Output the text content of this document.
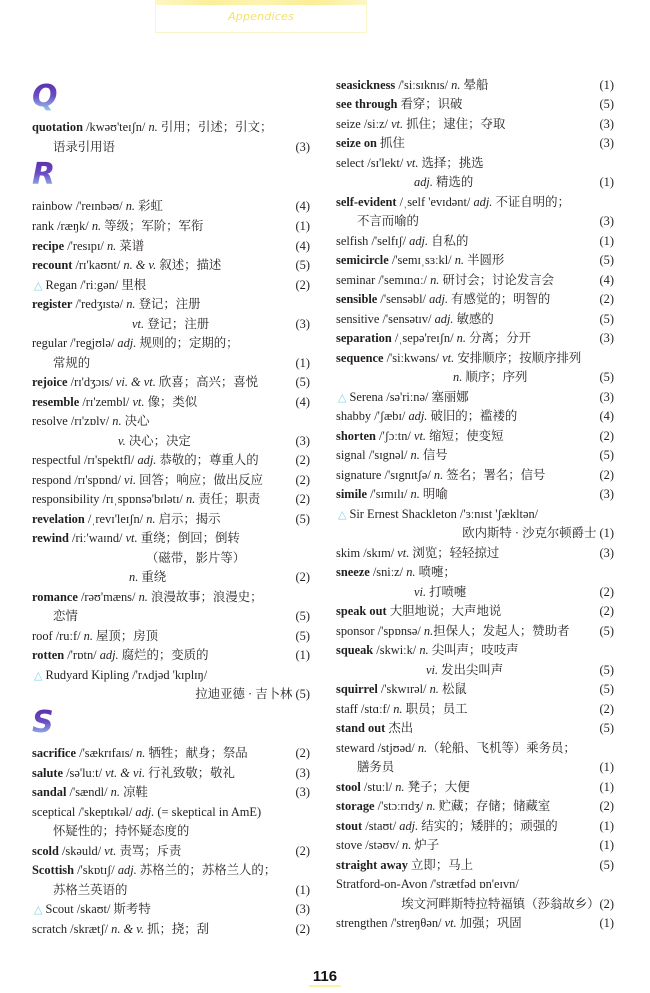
Appendices
Q
R
S
quotation /kwəʊ'teɪʃn/ n. 引用；引述；引文；
语录引用语	(3)
rainbow /'reɪnbəʊ/ n. 彩虹	(4)
rank /ræŋk/ n. 等级；军阶；军衔	(1)
recipe /'resɪpɪ/ n. 菜谱	(4)
recount /rɪ'kaʊnt/ n. & v. 叙述；描述	(5)
△ Regan /'riːgən/ 里根	(2)
register /'redʒɪstə/ n. 登记；注册
vt. 登记；注册	(3)
regular /'regjʊlə/ adj. 规则的；定期的；
常规的	(1)
rejoice /rɪ'dʒɔɪs/ vi. & vt. 欣喜；高兴；喜悦	(5)
resemble /rɪ'zembl/ vt. 像；类似	(4)
resolve /rɪ'zɒlv/ n. 决心
v. 决心；决定	(3)
respectful /rɪ'spektfl/ adj. 恭敬的；尊重人的	(2)
respond /rɪ'spɒnd/ vi. 回答；响应；做出反应	(2)
responsibility /rɪˌspɒnsə'bɪlətɪ/ n. 责任；职责	(2)
revelation /ˌrevɪ'leɪʃn/ n. 启示；揭示	(5)
rewind /riː'waɪnd/ vt. 重绕；倒回；倒转
（磁带，影片等）
n. 重绕	(2)
romance /rəʊ'mæns/ n. 浪漫故事；浪漫史；
恋情	(5)
roof /ruːf/ n. 屋顶；房顶	(5)
rotten /'rɒtn/ adj. 腐烂的；变质的	(1)
△ Rudyard Kipling /'rʌdjəd 'kɪplɪŋ/
拉迪亚德 · 吉卜林 (5)
sacrifice /'sækrɪfaɪs/ n. 牺牲；献身；祭品	(2)
salute /sə'luːt/ vt. & vi. 行礼致敬；敬礼	(3)
sandal /'sændl/ n. 凉鞋	(3)
sceptical /'skeptɪkəl/ adj. (= skeptical in AmE)
怀疑性的；持怀疑态度的
scold /skəuld/ vt. 责骂；斥责	(2)
Scottish /'skɒtɪʃ/ adj. 苏格兰的；苏格兰人的；
苏格兰英语的	(1)
△ Scout /skaʊt/ 斯考特	(3)
scratch /skrætʃ/ n. & v. 抓；挠；刮	(2)
seasickness /'siːsɪknɪs/ n. 晕船	(1)
see through 看穿；识破	(5)
seize /siːz/ vt. 抓住；逮住；夺取	(3)
seize on 抓住	(3)
select /sɪ'lekt/ vt. 选择；挑选
adj. 精选的	(1)
self-evident /ˌself 'evɪdənt/ adj. 不证自明的；
不言而喻的	(3)
selfish /'selfɪʃ/ adj. 自私的	(1)
semicircle /'semɪˌsɜːkl/ n. 半圆形	(5)
seminar /'semɪnɑː/ n. 研讨会；讨论发言会	(4)
sensible /'sensəbl/ adj. 有感觉的；明智的	(2)
sensitive /'sensətɪv/ adj. 敏感的	(5)
separation /ˌsepə'reɪʃn/ n. 分离；分开	(3)
sequence /'siːkwəns/ vt. 安排顺序；按顺序排列
n. 顺序；序列	(5)
△ Serena /sə'riːnə/ 塞丽娜	(3)
shabby /'ʃæbɪ/ adj. 破旧的；褴褛的	(4)
shorten /'ʃɔːtn/ vt. 缩短；使变短	(2)
signal /'sɪgnəl/ n. 信号	(5)
signature /'sɪgnɪtʃə/ n. 签名；署名；信号	(2)
simile /'sɪmɪlɪ/ n. 明喻	(3)
△ Sir Ernest Shackleton /'ɜːnɪst 'ʃækltən/
欧内斯特 · 沙克尔顿爵士 (1)
skim /skɪm/ vt. 浏览；轻轻掠过	(3)
sneeze /sniːz/ n. 喷嚏；
vi. 打喷嚏	(2)
speak out 大胆地说；大声地说	(2)
sponsor /'spɒnsə/ n.担保人；发起人；赞助者 (5)
squeak /skwiːk/ n. 尖叫声；吱吱声
vi. 发出尖叫声	(5)
squirrel /'skwɪrəl/ n. 松鼠	(5)
staff /stɑːf/ n. 职员；员工	(2)
stand out 杰出	(5)
steward /stjʊəd/ n.（轮船、飞机等）乘务员；
膳务员	(1)
stool /stuːl/ n. 凳子；大便	(1)
storage /'stɔːrɪdʒ/ n. 贮藏；存储；储藏室	(2)
stout /staʊt/ adj. 结实的；矮胖的；顽强的	(1)
stove /stəʊv/ n. 炉子	(1)
straight away 立即；马上	(5)
Stratford-on-Avon /'strætfəd ɒn'eɪvn/
埃文河畔斯特拉特福镇（莎翁故乡）(2)
strengthen /'streŋθən/ vt. 加强；巩固	(1)
116
